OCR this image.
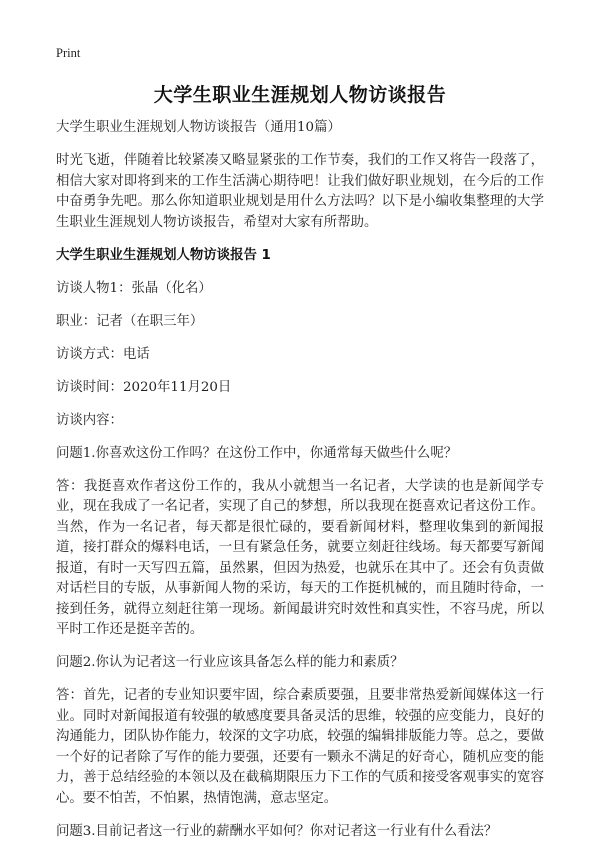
Print
大学生职业生涯规划人物访谈报告

大学生职业生涯规划人物访谈报告（通用10篇）

时光飞逝，伴随着比较紧凑又略显紧张的工作节奏，我们的工作又将告一段落了，相信大家对即将到来的工作生活满心期待吧！让我们做好职业规划，在今后的工作中奋勇争先吧。那么你知道职业规划是用什么方法吗？以下是小编收集整理的大学生职业生涯规划人物访谈报告，希望对大家有所帮助。

大学生职业生涯规划人物访谈报告 1

访谈人物1：张晶（化名）

职业：记者（在职三年）

访谈方式：电话

访谈时间：2020年11月20日

访谈内容：

问题1.你喜欢这份工作吗？在这份工作中，你通常每天做些什么呢？

答：我挺喜欢作者这份工作的，我从小就想当一名记者，大学读的也是新闻学专业，现在我成了一名记者，实现了自己的梦想，所以我现在挺喜欢记者这份工作。当然，作为一名记者，每天都是很忙碌的，要看新闻材料，整理收集到的新闻报道，接打群众的爆料电话，一旦有紧急任务，就要立刻赶往线场。每天都要写新闻报道，有时一天写四五篇，虽然累，但因为热爱，也就乐在其中了。还会有负责做对话栏目的专版，从事新闻人物的采访，每天的工作挺机械的，而且随时待命，一接到任务，就得立刻赶往第一现场。新闻最讲究时效性和真实性，不容马虎，所以平时工作还是挺辛苦的。

问题2.你认为记者这一行业应该具备怎么样的能力和素质？

答：首先，记者的专业知识要牢固，综合素质要强，且要非常热爱新闻媒体这一行业。同时对新闻报道有较强的敏感度要具备灵活的思维，较强的应变能力，良好的沟通能力，团队协作能力，较深的文字功底，较强的编辑排版能力等。总之，要做一个好的记者除了写作的能力要强，还要有一颗永不满足的好奇心，随机应变的能力，善于总结经验的本领以及在截稿期限压力下工作的气质和接受客观事实的宽容心。要不怕苦，不怕累，热情饱满，意志坚定。

问题3.目前记者这一行业的薪酬水平如何？你对记者这一行业有什么看法？
